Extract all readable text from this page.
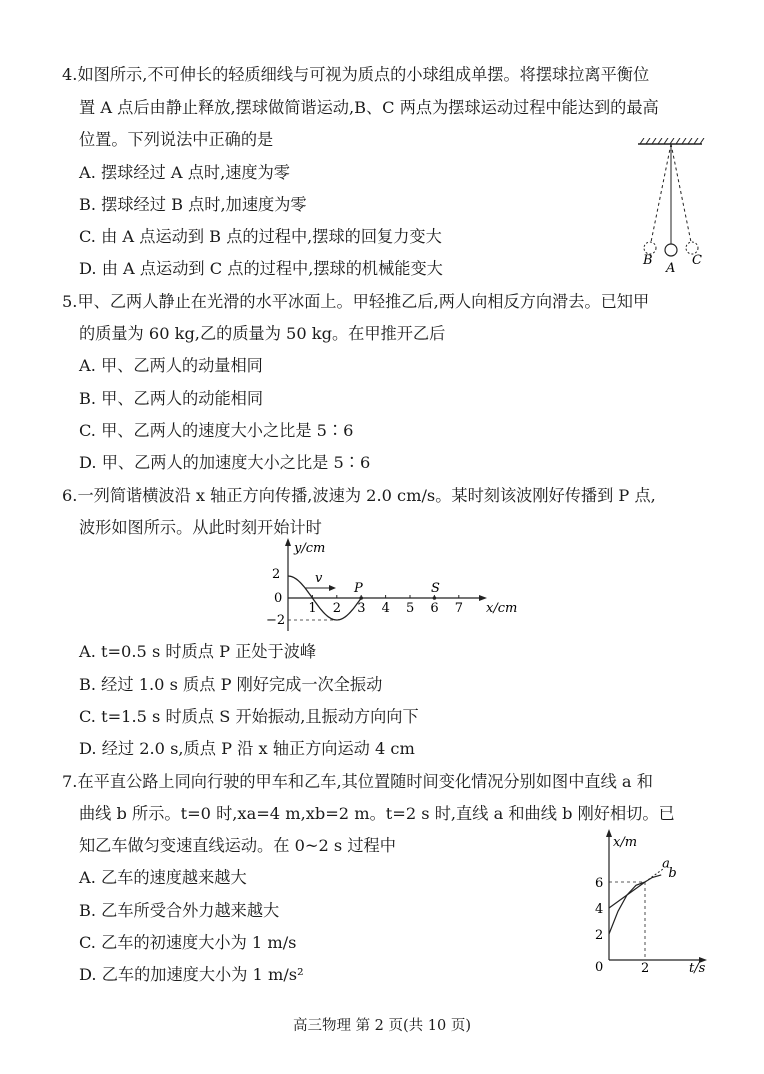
4.如图所示,不可伸长的轻质细线与可视为质点的小球组成单摆。将摆球拉离平衡位
置 A 点后由静止释放,摆球做简谐运动,B、C 两点为摆球运动过程中能达到的最高
位置。下列说法中正确的是
A. 摆球经过 A 点时,速度为零
B. 摆球经过 B 点时,加速度为零
C. 由 A 点运动到 B 点的过程中,摆球的回复力变大
D. 由 A 点运动到 C 点的过程中,摆球的机械能变大	B
A
C
5.甲、乙两人静止在光滑的水平冰面上。甲轻推乙后,两人向相反方向滑去。已知甲
的质量为 60 kg,乙的质量为 50 kg。在甲推开乙后
A. 甲、乙两人的动量相同
B. 甲、乙两人的动能相同
C. 甲、乙两人的速度大小之比是 5∶6
D. 甲、乙两人的加速度大小之比是 5∶6
6.一列简谐横波沿 x 轴正方向传播,波速为 2.0 cm/s。某时刻该波刚好传播到 P 点,
波形如图所示。从此时刻开始计时
y/cm
x/cm
2
0
−2
1 2 3 4 5 6 7
v
P	S
A. t=0.5 s 时质点 P 正处于波峰
B. 经过 1.0 s 质点 P 刚好完成一次全振动
C. t=1.5 s 时质点 S 开始振动,且振动方向向下
D. 经过 2.0 s,质点 P 沿 x 轴正方向运动 4 cm
7.在平直公路上同向行驶的甲车和乙车,其位置随时间变化情况分别如图中直线 a 和
曲线 b 所示。t=0 时,xa=4 m,xb=2 m。t=2 s 时,直线 a 和曲线 b 刚好相切。已
知乙车做匀变速直线运动。在 0~2 s 过程中
A. 乙车的速度越来越大
B. 乙车所受合外力越来越大
C. 乙车的初速度大小为 1 m/s
D. 乙车的加速度大小为 1 m/s²
x/m
t/s
0
2
4
6
2
a
b
高三物理 第 2 页(共 10 页)
